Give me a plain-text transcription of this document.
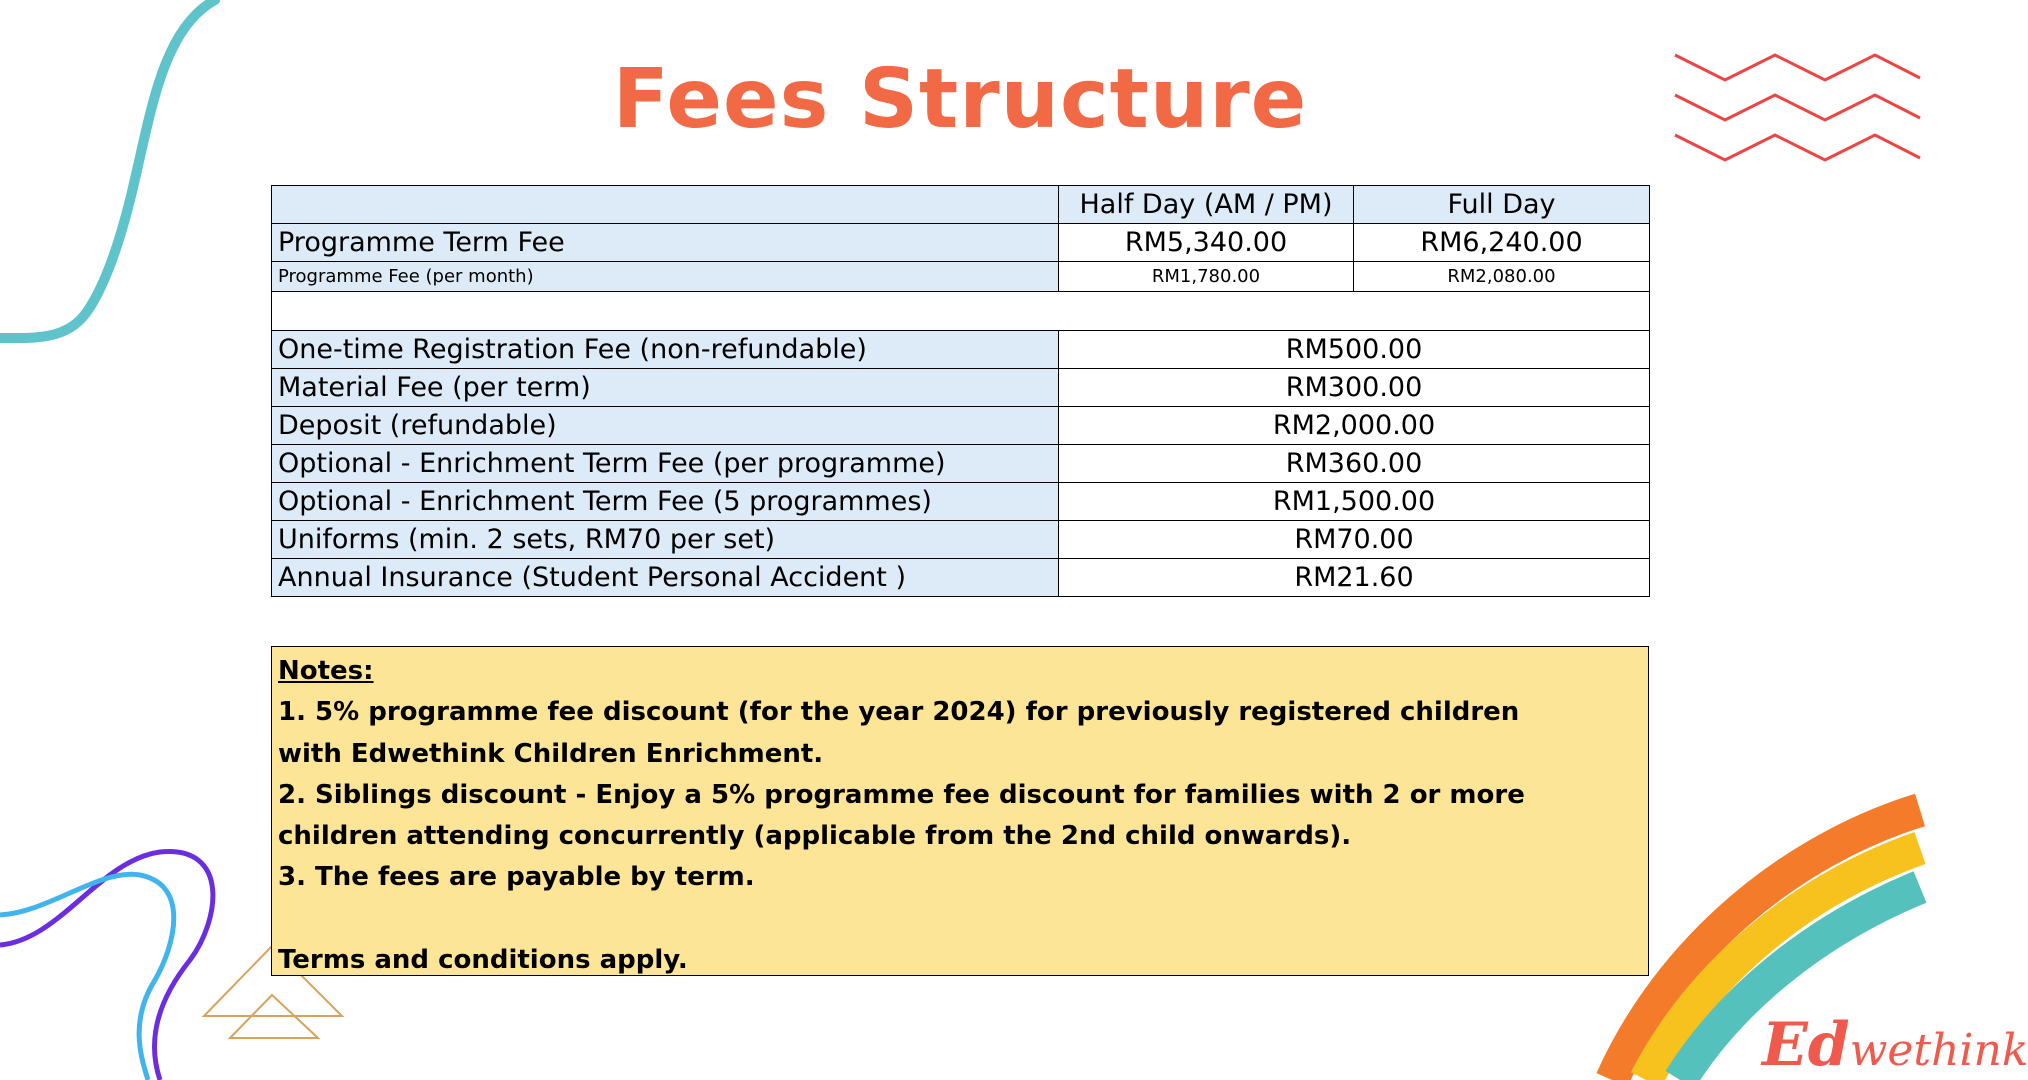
Fees Structure
	Half Day (AM / PM)	Full Day
Programme Term Fee	RM5,340.00	RM6,240.00
Programme Fee (per month)	RM1,780.00	RM2,080.00

One-time Registration Fee (non-refundable)	RM500.00	
Material Fee (per term)	RM300.00	
Deposit (refundable)	RM2,000.00	
Optional - Enrichment Term Fee (per programme)	RM360.00	
Optional - Enrichment Term Fee (5 programmes)	RM1,500.00	
Uniforms (min. 2 sets, RM70 per set)	RM70.00	
Annual Insurance (Student Personal Accident )	RM21.60	
Notes:
1. 5% programme fee discount (for the year 2024) for previously registered children
with Edwethink Children Enrichment.
2. Siblings discount - Enjoy a 5% programme fee discount for families with 2 or more
children attending concurrently (applicable from the 2nd child onwards).
3. The fees are payable by term.
Terms and conditions apply.
Edwethink
